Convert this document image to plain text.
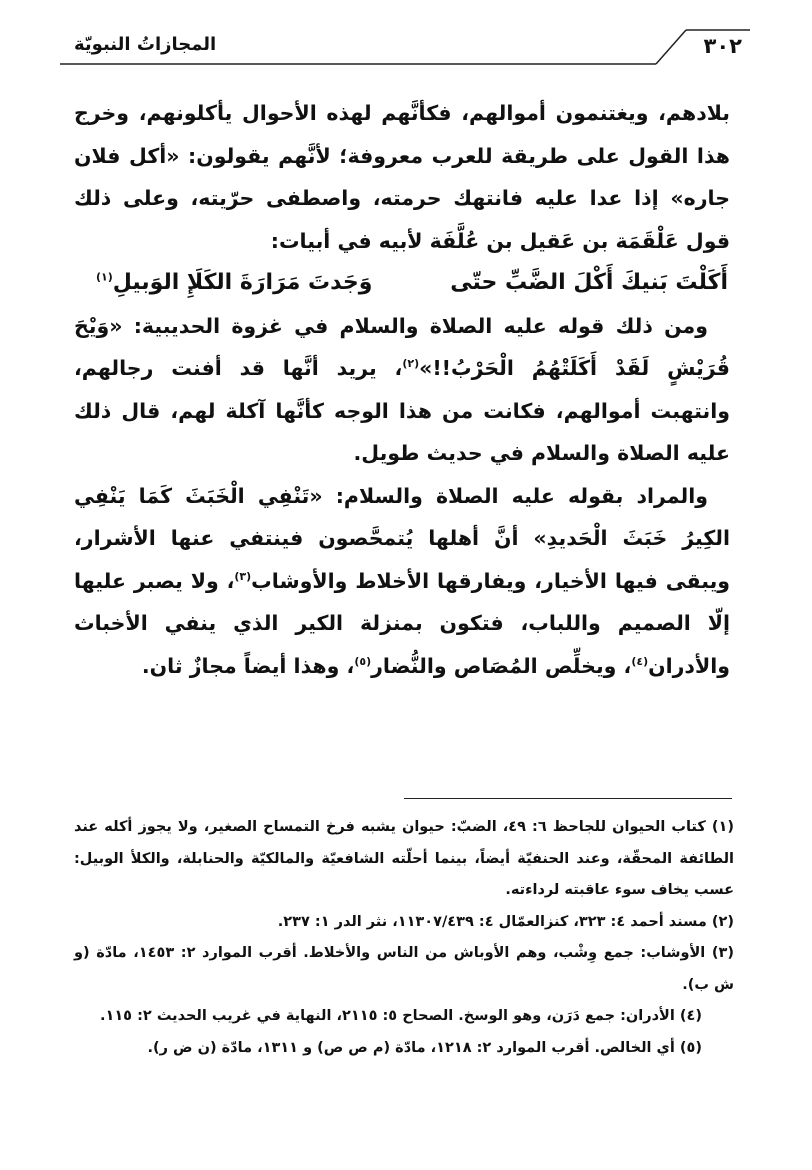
٣٠٢
المجازاتُ النبويّة

بلادهم، ويغتنمون أموالهم، فكأنَّهم لهذه الأحوال يأكلونهم، وخرج هذا القول على طريقة للعرب معروفة؛ لأنَّهم يقولون: «أكل فلان جاره» إذا عدا عليه فانتهك حرمته، واصطفى حرّيته، وعلى ذلك قول عَلْقَمَة بن عَقيل بن عُلَّفَة لأبيه في أبيات:

أَكَلْتَ بَنيكَ أَكْلَ الضَّبِّ حتّى
وَجَدتَ مَرَارَةَ الكَلَإِ الوَبيلِ$^{(١)}$

ومن ذلك قوله عليه الصلاة والسلام في غزوة الحديبية: «وَيْحَ قُرَيْشٍ لَقَدْ أَكَلَتْهُمُ الْحَرْبُ!!»$^{(٢)}$، يريد أنَّها قد أفنت رجالهم، وانتهبت أموالهم، فكانت من هذا الوجه كأنَّها آكلة لهم، قال ذلك عليه الصلاة والسلام في حديث طويل.

والمراد بقوله عليه الصلاة والسلام: «تَنْفِي الْخَبَثَ كَمَا يَنْفِي الكِيرُ خَبَثَ الْحَديدِ» أنَّ أهلها يُتمحَّصون فينتفي عنها الأشرار، ويبقى فيها الأخيار، ويفارقها الأخلاط والأوشاب$^{(٣)}$، ولا يصبر عليها إلّا الصميم واللباب، فتكون بمنزلة الكير الذي ينفي الأخباث والأدران$^{(٤)}$، ويخلِّص المُصَاص والنُّضار$^{(٥)}$، وهذا أيضاً مجازٌ ثان.

(١) كتاب الحيوان للجاحظ ٦: ٤٩، الضبّ: حيوان يشبه فرخ التمساح الصغير، ولا يجوز أكله عند الطائفة المحقّة، وعند الحنفيّة أيضاً، بينما أحلّته الشافعيّة والمالكيّة والحنابلة، والكلأ الوبيل: عسب يخاف سوء عاقبته لرداءته.

(٢) مسند أحمد ٤: ٣٢٣، كنزالعمّال ٤: ١١٣٠٧/٤٣٩، نثر الدر ١: ٢٣٧.

(٣) الأوشاب: جمع وِشْب، وهم الأوباش من الناس والأخلاط. أقرب الموارد ٢: ١٤٥٣، مادّة (و ش ب).

(٤) الأدران: جمع دَرَن، وهو الوسخ. الصحاح ٥: ٢١١٥، النهاية في غريب الحديث ٢: ١١٥.

(٥) أي الخالص. أقرب الموارد ٢: ١٢١٨، مادّة (م ص ص) و ١٣١١، مادّة (ن ض ر).
